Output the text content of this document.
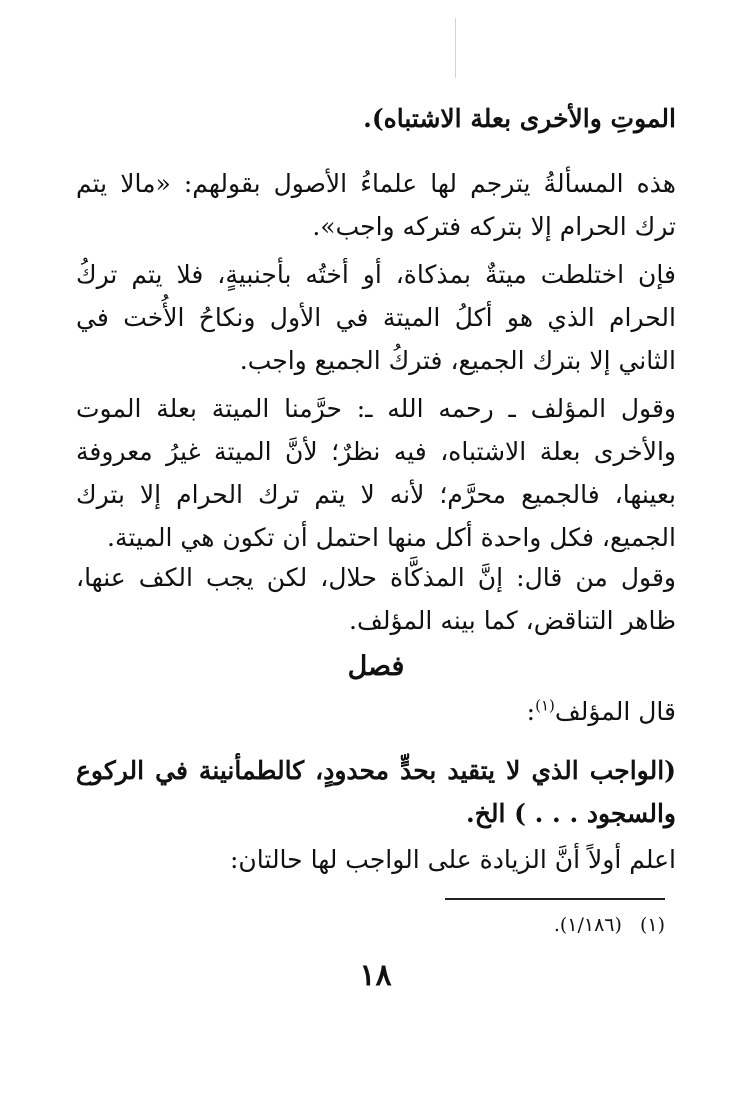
الموتِ والأخرى بعلة الاشتباه).
هذه المسألةُ يترجم لها علماءُ الأصول بقولهم: «مالا يتم ترك الحرام إلا بتركه فتركه واجب».
فإن اختلطت ميتةٌ بمذكاة، أو أختُه بأجنبيةٍ، فلا يتم تركُ الحرام الذي هو أكلُ الميتة في الأول ونكاحُ الأُخت في الثاني إلا بترك الجميع، فتركُ الجميع واجب.
وقول المؤلف ـ رحمه الله ـ: حرَّمنا الميتة بعلة الموت والأخرى بعلة الاشتباه، فيه نظرٌ؛ لأنَّ الميتة غيرُ معروفة بعينها، فالجميع محرَّم؛ لأنه لا يتم ترك الحرام إلا بترك الجميع، فكل واحدة أكل منها احتمل أن تكون هي الميتة.
وقول من قال: إنَّ المذكَّاة حلال، لكن يجب الكف عنها، ظاهر التناقض، كما بينه المؤلف.
فصل
قال المؤلف$^{(١)}$:
(الواجب الذي لا يتقيد بحدٍّ محدودٍ، كالطمأنينة في الركوع والسجود . . . ) الخ.
اعلم أولاً أنَّ الزيادة على الواجب لها حالتان:
(١)(١/١٨٦).
١٨
